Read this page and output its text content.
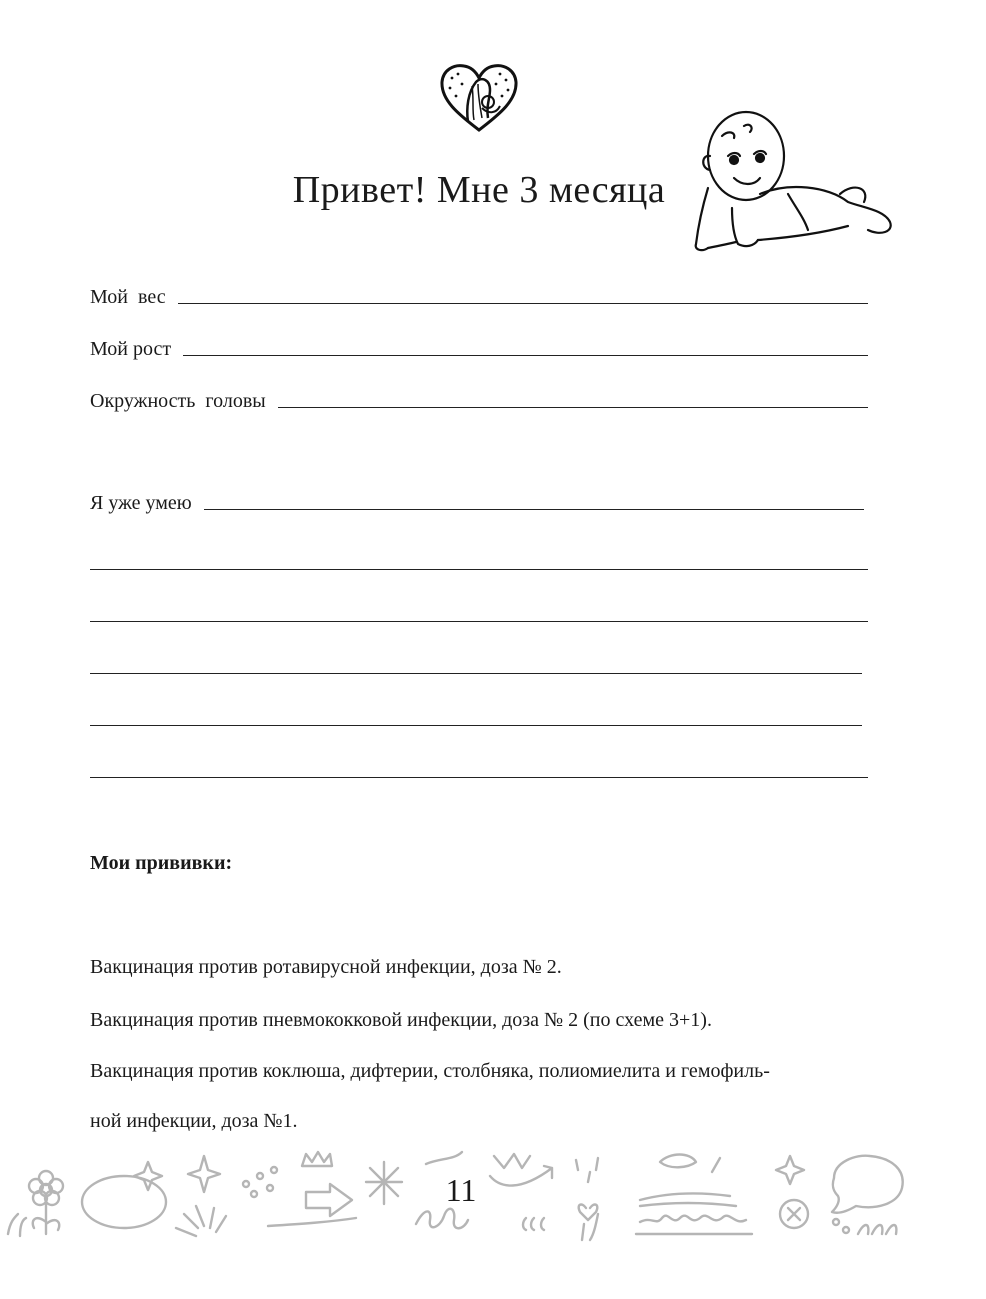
Привет! Мне 3 месяца
Мой  вес
Мой рост
Окружность  головы
Я уже умею
Мои прививки:

Вакцинация против ротавирусной инфекции, доза № 2.

Вакцинация против пневмококковой инфекции, доза № 2 (по схеме 3+1).

Вакцинация против коклюша, дифтерии, столбняка, полиомиелита и гемофиль-

ной инфекции, доза №1.

11
